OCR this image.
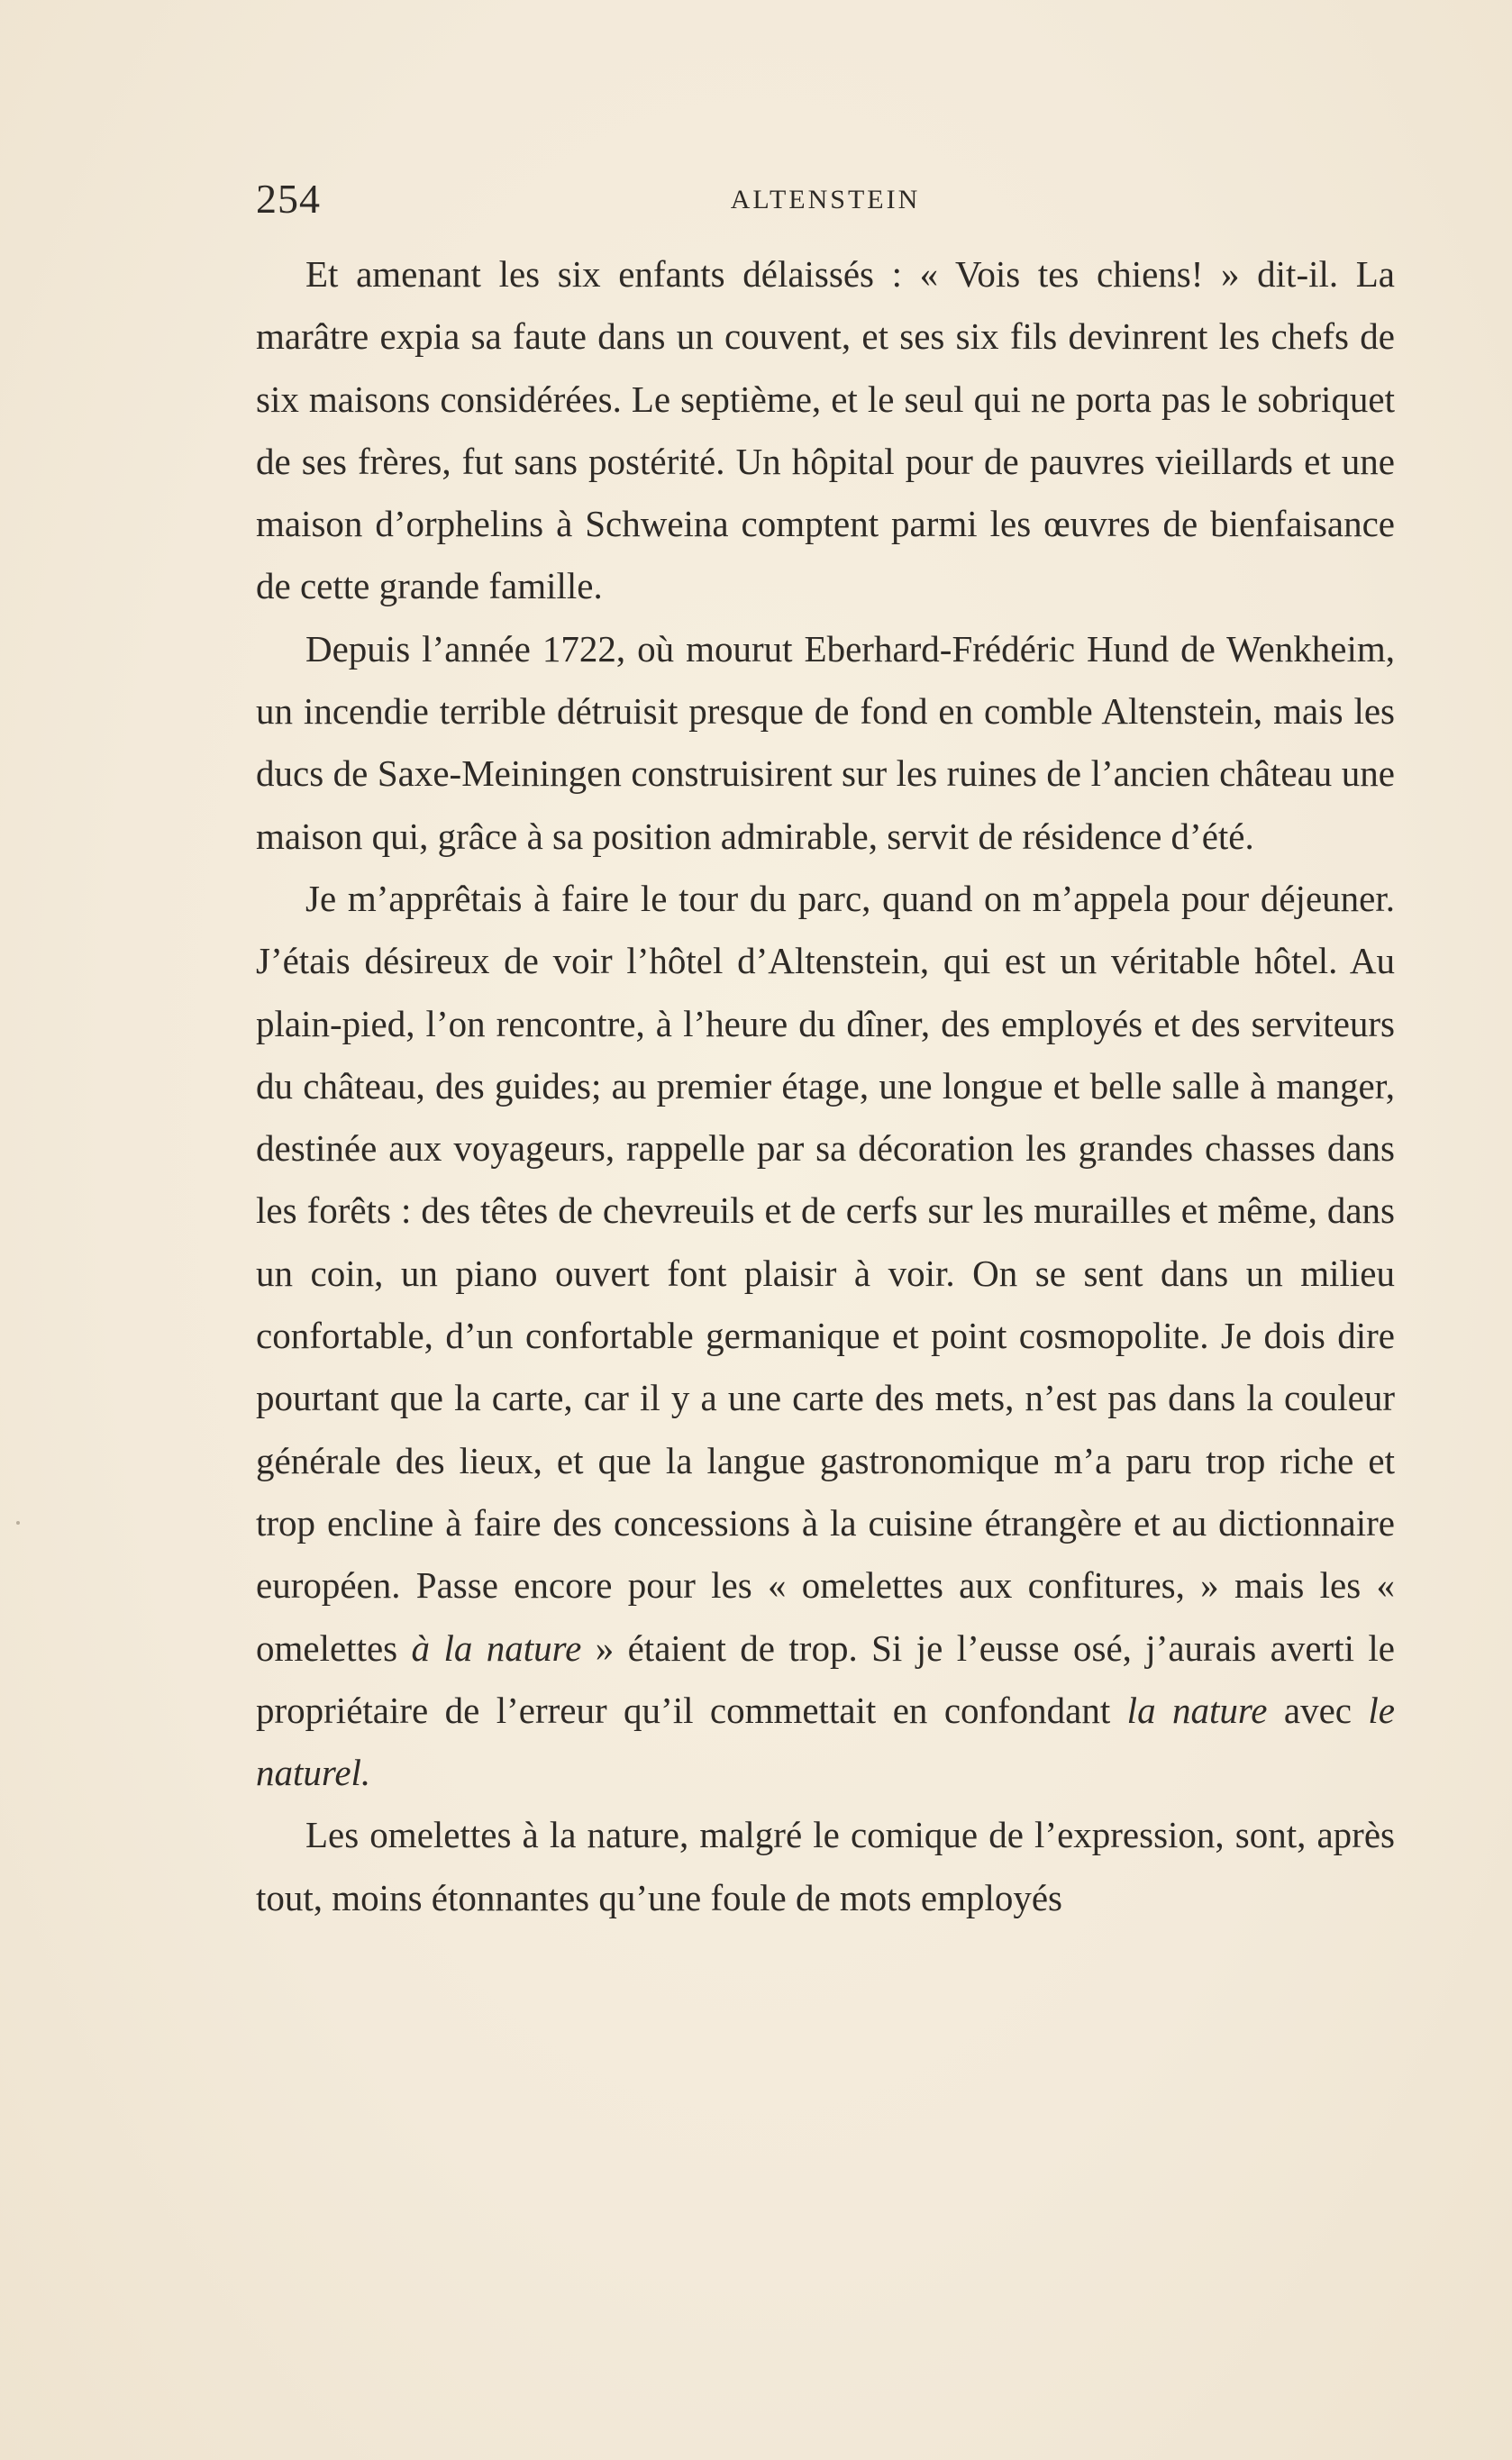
254	ALTENSTEIN

Et amenant les six enfants délaissés : « Vois tes chiens! » dit-il. La marâtre expia sa faute dans un couvent, et ses six fils devinrent les chefs de six maisons considérées. Le septième, et le seul qui ne porta pas le sobriquet de ses frères, fut sans postérité. Un hôpital pour de pauvres vieillards et une maison d’orphelins à Schweina comptent parmi les œuvres de bienfaisance de cette grande famille.

Depuis l’année 1722, où mourut Eberhard-Frédéric Hund de Wenkheim, un incendie terrible détruisit presque de fond en comble Altenstein, mais les ducs de Saxe-Meiningen construisirent sur les ruines de l’ancien château une maison qui, grâce à sa position admirable, servit de résidence d’été.

Je m’apprêtais à faire le tour du parc, quand on m’appela pour déjeuner. J’étais désireux de voir l’hôtel d’Altenstein, qui est un véritable hôtel. Au plain-pied, l’on rencontre, à l’heure du dîner, des employés et des serviteurs du château, des guides; au premier étage, une longue et belle salle à manger, destinée aux voyageurs, rappelle par sa décoration les grandes chasses dans les forêts : des têtes de chevreuils et de cerfs sur les murailles et même, dans un coin, un piano ouvert font plaisir à voir. On se sent dans un milieu confortable, d’un confortable germanique et point cosmopolite. Je dois dire pourtant que la carte, car il y a une carte des mets, n’est pas dans la couleur générale des lieux, et que la langue gastronomique m’a paru trop riche et trop encline à faire des concessions à la cuisine étrangère et au dictionnaire européen. Passe encore pour les « omelettes aux confitures, » mais les « omelettes à la nature » étaient de trop. Si je l’eusse osé, j’aurais averti le propriétaire de l’erreur qu’il commettait en confondant la nature avec le naturel.

Les omelettes à la nature, malgré le comique de l’expression, sont, après tout, moins étonnantes qu’une foule de mots employés
